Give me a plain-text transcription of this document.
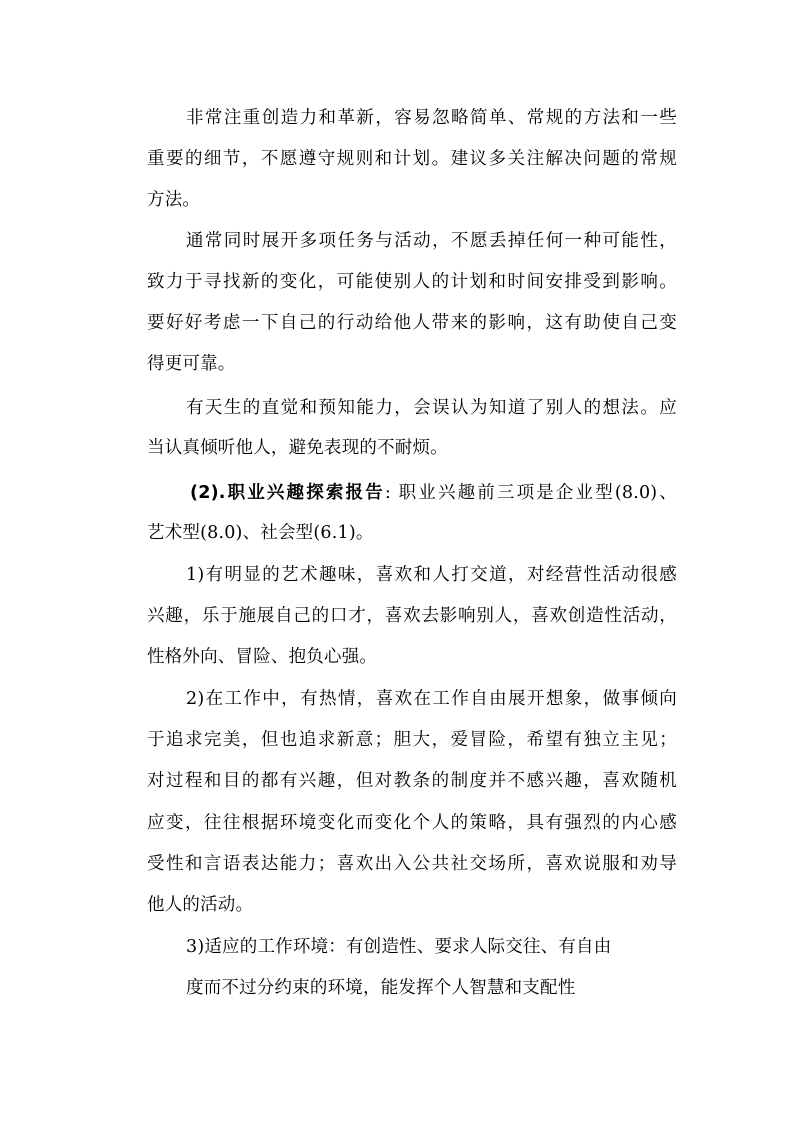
非常注重创造力和革新，容易忽略简单、常规的方法和一些
重要的细节，不愿遵守规则和计划。建议多关注解决问题的常规
方法。
通常同时展开多项任务与活动，不愿丢掉任何一种可能性，
致力于寻找新的变化，可能使别人的计划和时间安排受到影响。
要好好考虑一下自己的行动给他人带来的影响，这有助使自己变
得更可靠。
有天生的直觉和预知能力，会误认为知道了别人的想法。应
当认真倾听他人，避免表现的不耐烦。
(2).职业兴趣探索报告: 职业兴趣前三项是企业型(8.0)、
艺术型(8.0)、社会型(6.1)。
1)有明显的艺术趣味，喜欢和人打交道，对经营性活动很感
兴趣，乐于施展自己的口才，喜欢去影响别人，喜欢创造性活动，
性格外向、冒险、抱负心强。
2)在工作中，有热情，喜欢在工作自由展开想象，做事倾向
于追求完美，但也追求新意；胆大，爱冒险，希望有独立主见；
对过程和目的都有兴趣，但对教条的制度并不感兴趣，喜欢随机
应变，往往根据环境变化而变化个人的策略，具有强烈的内心感
受性和言语表达能力；喜欢出入公共社交场所，喜欢说服和劝导
他人的活动。
3)适应的工作环境：有创造性、要求人际交往、有自由
度而不过分约束的环境，能发挥个人智慧和支配性
